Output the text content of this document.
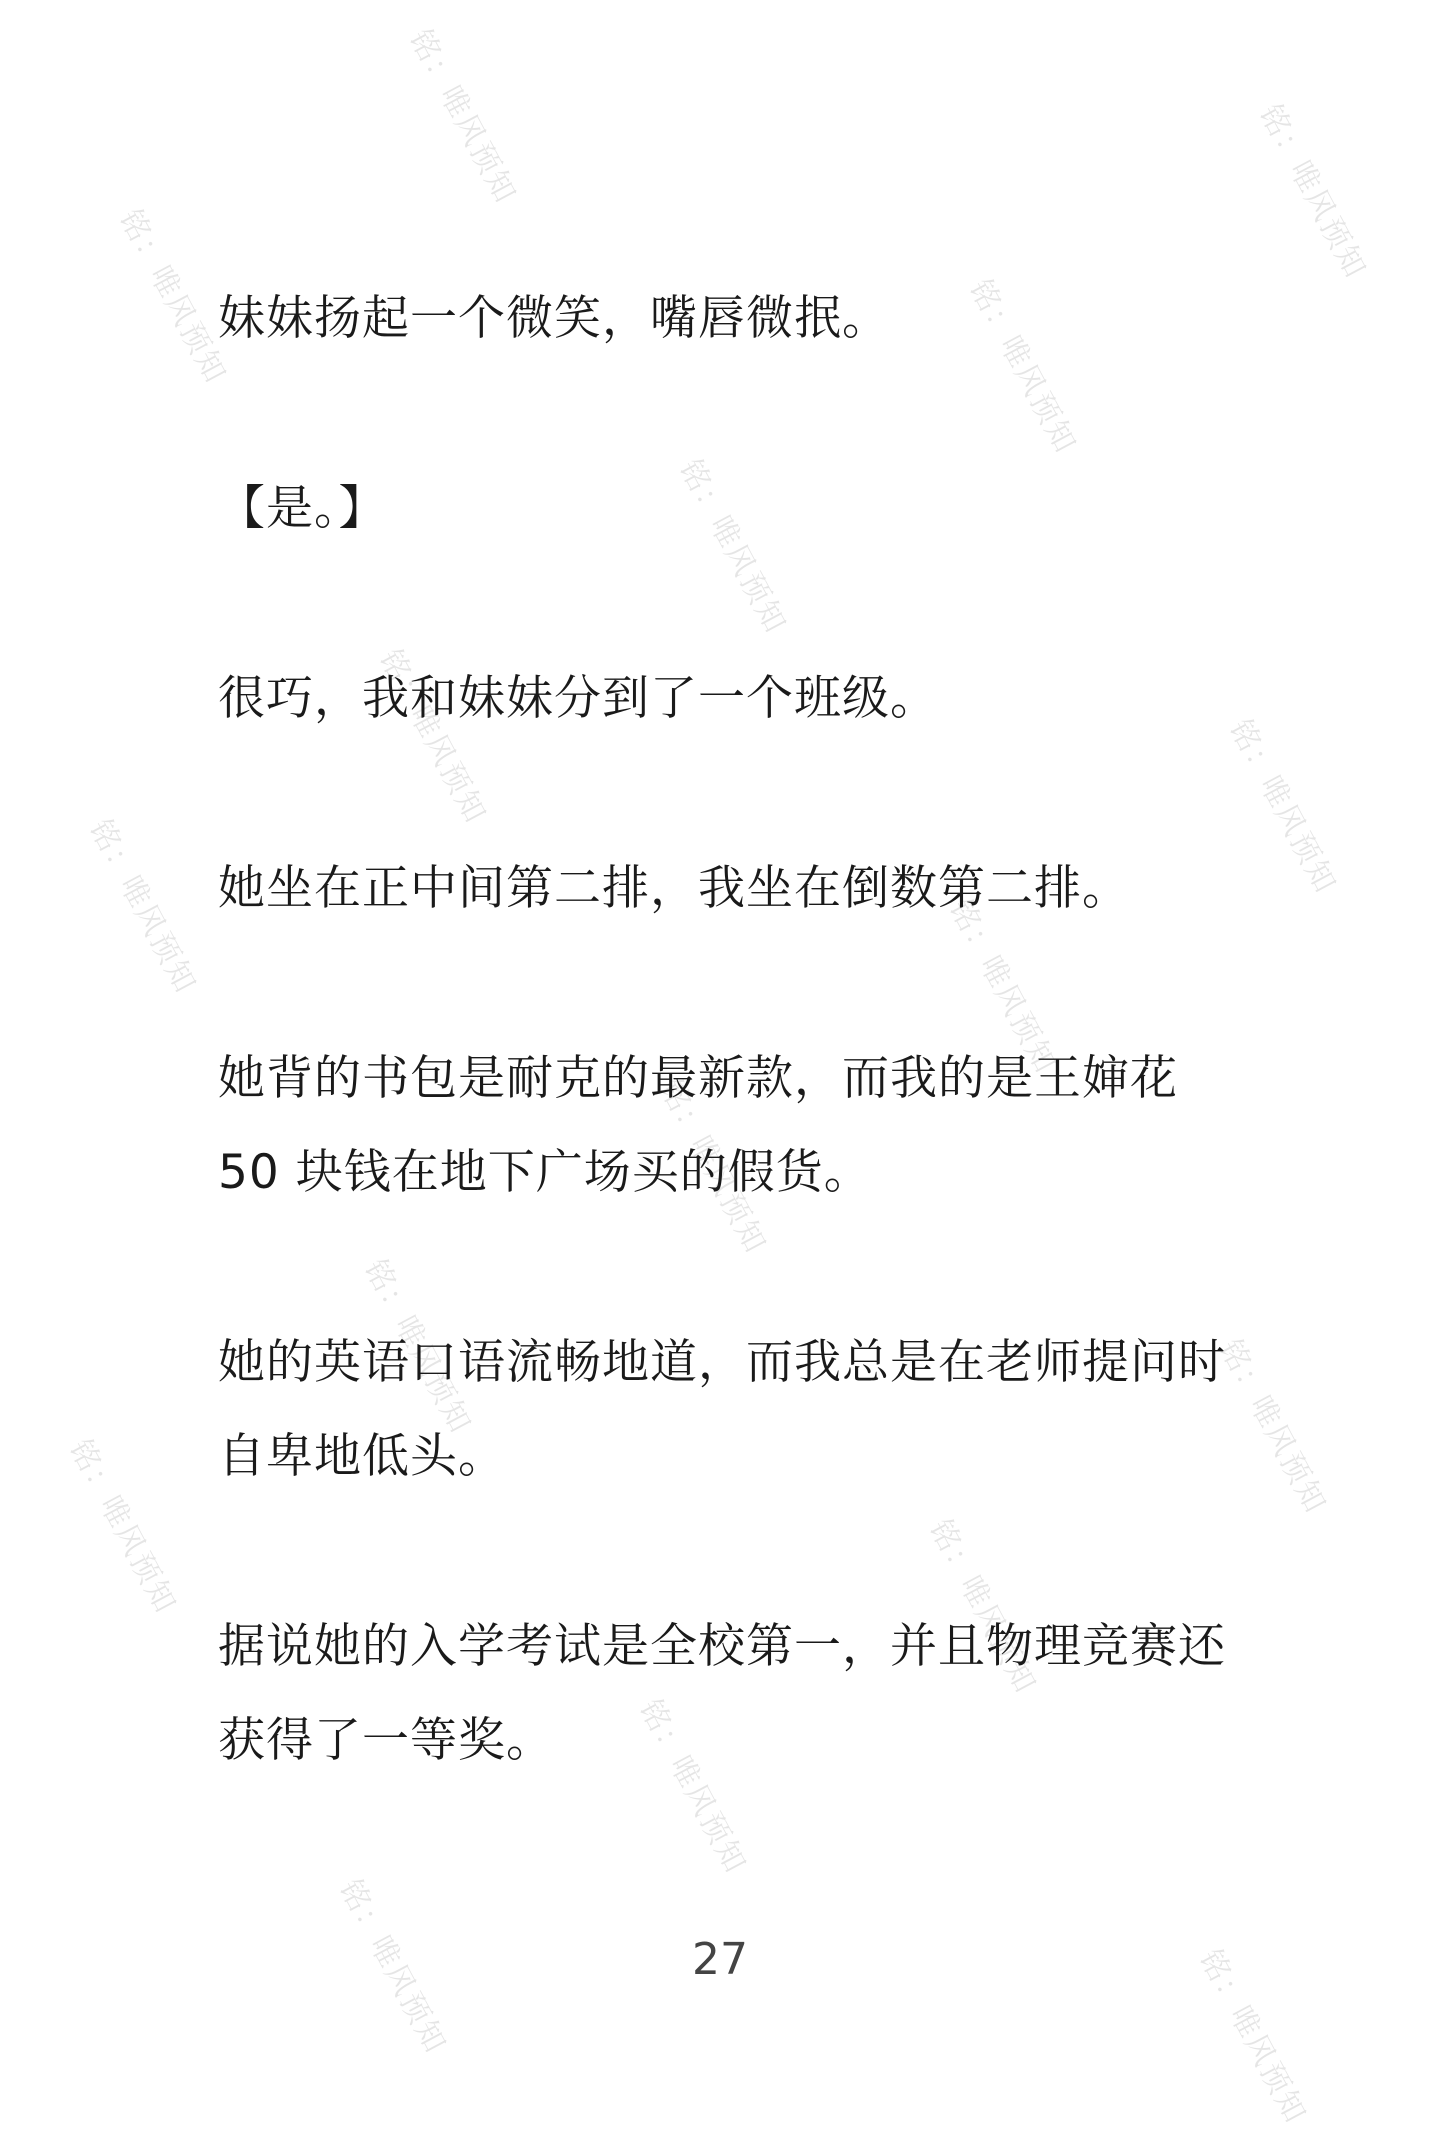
铭：唯风预知	铭：唯风预知
铭：唯风预知	铭：唯风预知
铭：唯风预知
铭：唯风预知	铭：唯风预知
铭：唯风预知	铭：唯风预知
铭：唯风预知
铭：唯风预知	铭：唯风预知
铭：唯风预知	铭：唯风预知
铭：唯风预知
铭：唯风预知	铭：唯风预知

妹妹扬起一个微笑，嘴唇微抿。

【是。】

很巧，我和妹妹分到了一个班级。

她坐在正中间第二排，我坐在倒数第二排。

她背的书包是耐克的最新款，而我的是王婶花 50 块钱在地下广场买的假货。

她的英语口语流畅地道，而我总是在老师提问时自卑地低头。

据说她的入学考试是全校第一，并且物理竞赛还获得了一等奖。

27
